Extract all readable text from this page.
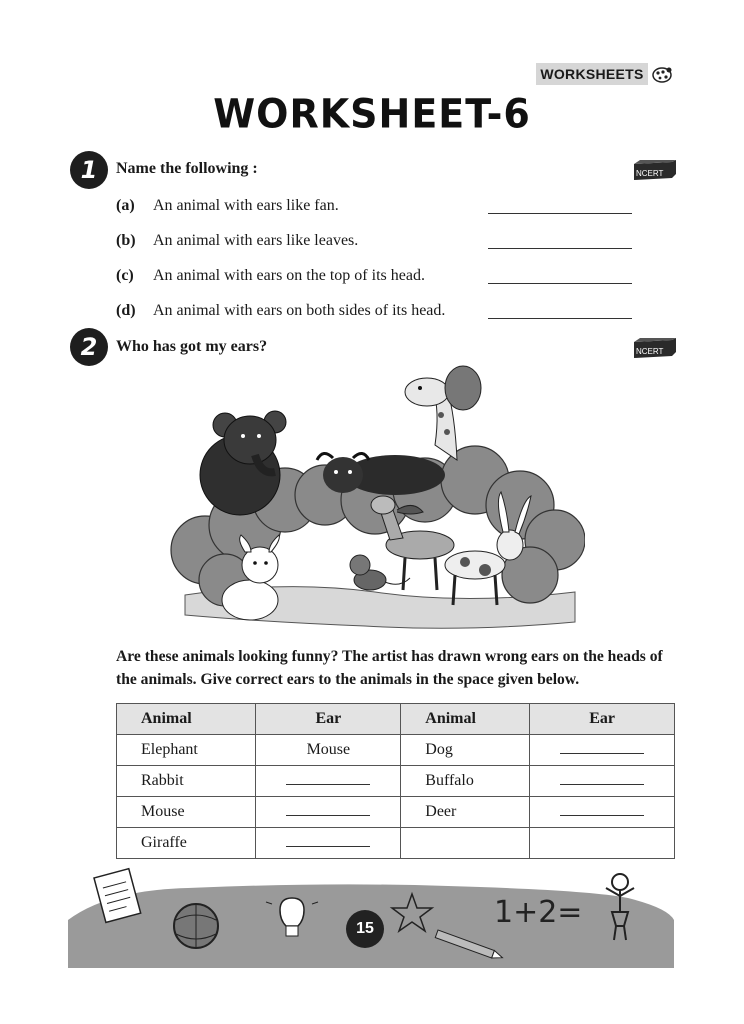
WORKSHEETS
WORKSHEET-6
1	Name the following :	NCERT
(a) An animal with ears like fan.
(b) An animal with ears like leaves.
(c) An animal with ears on the top of its head.
(d) An animal with ears on both sides of its head.
2	Who has got my ears?	NCERT
Are these animals looking funny? The artist has drawn wrong ears on the heads of the animals. Give correct ears to the animals in the space given below.
Animal	Ear	Animal	Ear
Elephant	Mouse	Dog	
Rabbit		Buffalo	
Mouse		Deer	
Giraffe			
1+2=
15
